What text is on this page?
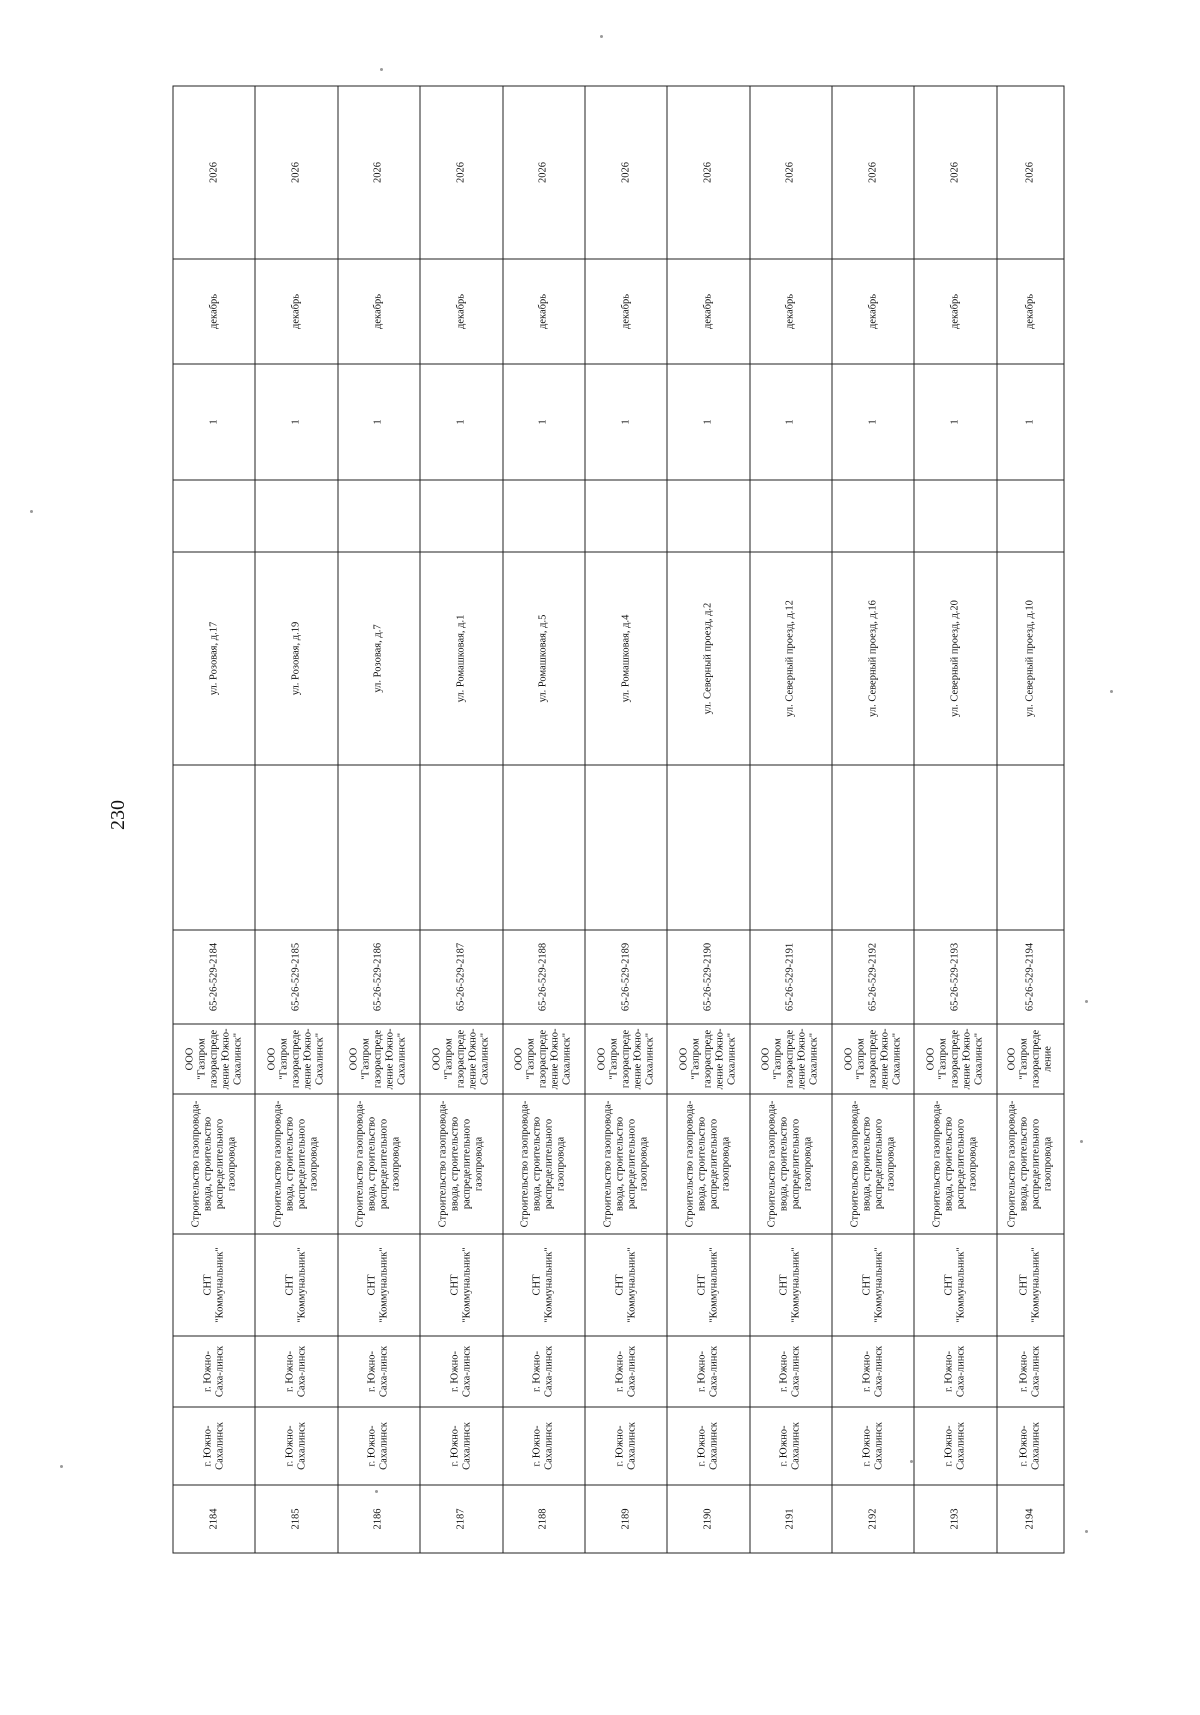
230
2184	г. Южно-Сахалинск	г. Южно-Саха-линск	СНТ "Коммунальник"	Строительство газопровода-ввода, строительство распределительного газопровода	ООО "Газпром газораспределение Южно-Сахалинск"	65-26-529-2184		ул. Розовая, д.17		1	декабрь	2026
2185	г. Южно-Сахалинск	г. Южно-Саха-линск	СНТ "Коммунальник"	Строительство газопровода-ввода, строительство распределительного газопровода	ООО "Газпром газораспределение Южно-Сахалинск"	65-26-529-2185		ул. Розовая, д.19		1	декабрь	2026
2186	г. Южно-Сахалинск	г. Южно-Саха-линск	СНТ "Коммунальник"	Строительство газопровода-ввода, строительство распределительного газопровода	ООО "Газпром газораспределение Южно-Сахалинск"	65-26-529-2186		ул. Розовая, д.7		1	декабрь	2026
2187	г. Южно-Сахалинск	г. Южно-Саха-линск	СНТ "Коммунальник"	Строительство газопровода-ввода, строительство распределительного газопровода	ООО "Газпром газораспределение Южно-Сахалинск"	65-26-529-2187		ул. Ромашковая, д.1		1	декабрь	2026
2188	г. Южно-Сахалинск	г. Южно-Саха-линск	СНТ "Коммунальник"	Строительство газопровода-ввода, строительство распределительного газопровода	ООО "Газпром газораспределение Южно-Сахалинск"	65-26-529-2188		ул. Ромашковая, д.5		1	декабрь	2026
2189	г. Южно-Сахалинск	г. Южно-Саха-линск	СНТ "Коммунальник"	Строительство газопровода-ввода, строительство распределительного газопровода	ООО "Газпром газораспределение Южно-Сахалинск"	65-26-529-2189		ул. Ромашковая, д.4		1	декабрь	2026
2190	г. Южно-Сахалинск	г. Южно-Саха-линск	СНТ "Коммунальник"	Строительство газопровода-ввода, строительство распределительного газопровода	ООО "Газпром газораспределение Южно-Сахалинск"	65-26-529-2190		ул. Северный проезд, д.2		1	декабрь	2026
2191	г. Южно-Сахалинск	г. Южно-Саха-линск	СНТ "Коммунальник"	Строительство газопровода-ввода, строительство распределительного газопровода	ООО "Газпром газораспределение Южно-Сахалинск"	65-26-529-2191		ул. Северный проезд, д.12		1	декабрь	2026
2192	г. Южно-Сахалинск	г. Южно-Саха-линск	СНТ "Коммунальник"	Строительство газопровода-ввода, строительство распределительного газопровода	ООО "Газпром газораспределение Южно-Сахалинск"	65-26-529-2192		ул. Северный проезд, д.16		1	декабрь	2026
2193	г. Южно-Сахалинск	г. Южно-Саха-линск	СНТ "Коммунальник"	Строительство газопровода-ввода, строительство распределительного газопровода	ООО "Газпром газораспределение Южно-Сахалинск"	65-26-529-2193		ул. Северный проезд, д.20		1	декабрь	2026
2194	г. Южно-Сахалинск	г. Южно-Саха-линск	СНТ "Коммунальник"	Строительство газопровода-ввода, строительство распределительного газопровода	ООО "Газпром газораспределение	65-26-529-2194		ул. Северный проезд, д.10		1	декабрь	2026
